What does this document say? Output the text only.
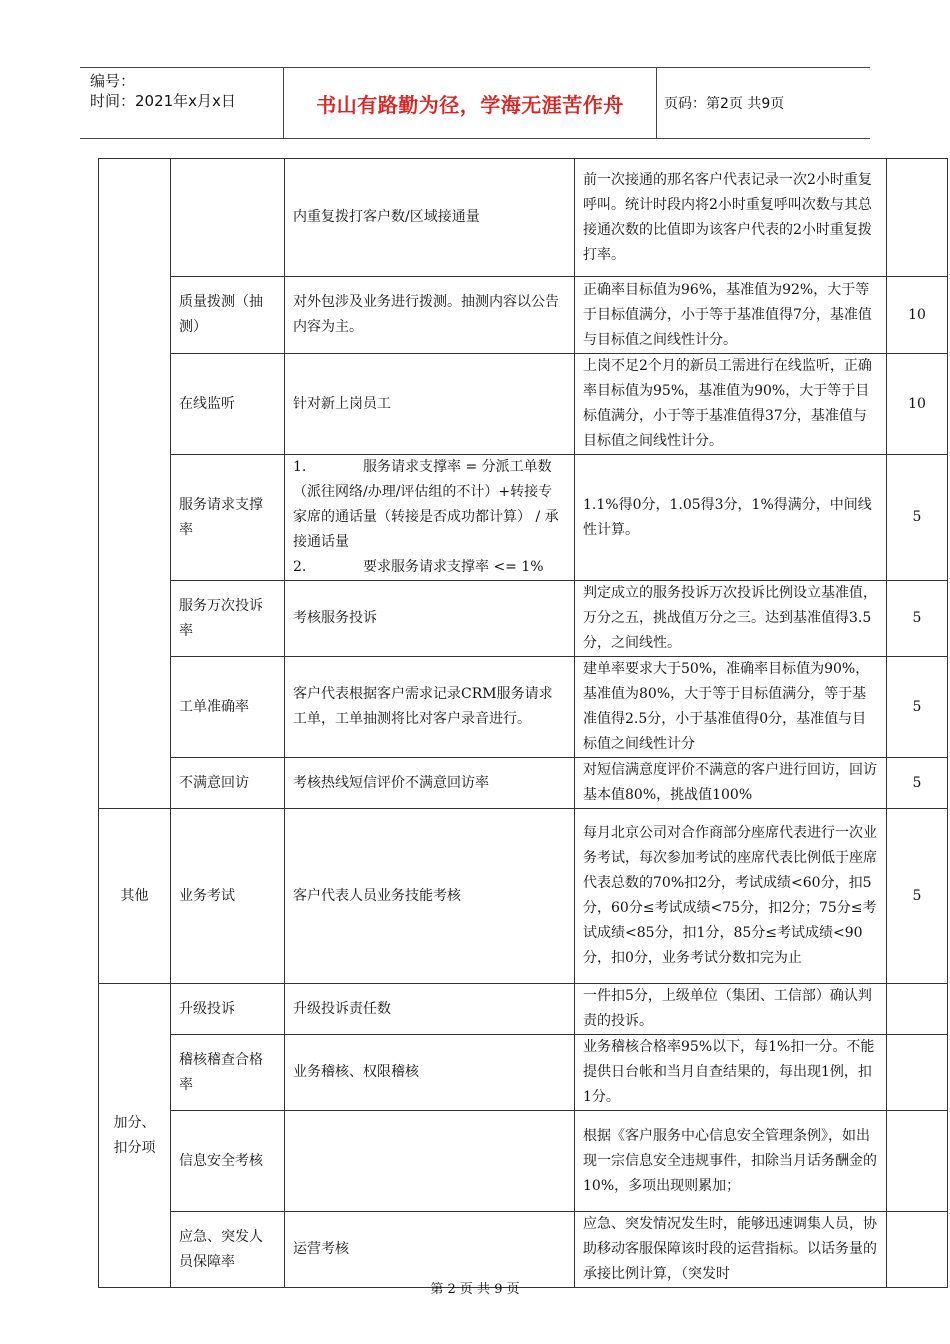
编号：
时间：2021年x月x日	书山有路勤为径，学海无涯苦作舟	页码：第2页 共9页
		内重复拨打客户数/区域接通量	前一次接通的那名客户代表记录一次2小时重复呼叫。统计时段内将2小时重复呼叫次数与其总接通次数的比值即为该客户代表的2小时重复拨打率。	
	质量拨测（抽测）	对外包涉及业务进行拨测。抽测内容以公告内容为主。	正确率目标值为96%，基准值为92%，大于等于目标值满分，小于等于基准值得7分，基准值与目标值之间线性计分。	10
	在线监听	针对新上岗员工	上岗不足2个月的新员工需进行在线监听，正确率目标值为95%，基准值为90%，大于等于目标值满分，小于等于基准值得37分，基准值与目标值之间线性计分。	10
	服务请求支撑率	1. 服务请求支撑率 = 分派工单数（派往网络/办理/评估组的不计）+转接专家席的通话量（转接是否成功都计算） / 承接通话量
2. 要求服务请求支撑率 <= 1%	1.1%得0分，1.05得3分，1%得满分，中间线性计算。	5
	服务万次投诉率	考核服务投诉	判定成立的服务投诉万次投诉比例设立基准值，万分之五，挑战值万分之三。达到基准值得3.5分，之间线性。	5
	工单准确率	客户代表根据客户需求记录CRM服务请求工单，工单抽测将比对客户录音进行。	建单率要求大于50%，准确率目标值为90%，基准值为80%，大于等于目标值满分，等于基准值得2.5分，小于基准值得0分，基准值与目标值之间线性计分	5
	不满意回访	考核热线短信评价不满意回访率	对短信满意度评价不满意的客户进行回访，回访基本值80%，挑战值100%	5
其他	业务考试	客户代表人员业务技能考核	每月北京公司对合作商部分座席代表进行一次业务考试，每次参加考试的座席代表比例低于座席代表总数的70%扣2分，考试成绩<60分，扣5分，60分≤考试成绩<75分，扣2分；75分≤考试成绩<85分，扣1分，85分≤考试成绩<90分，扣0分，业务考试分数扣完为止	5
加分、扣分项	升级投诉	升级投诉责任数	一件扣5分，上级单位（集团、工信部）确认判责的投诉。	
	稽核稽查合格率	业务稽核、权限稽核	业务稽核合格率95%以下，每1%扣一分。不能提供日台帐和当月自查结果的，每出现1例，扣1分。	
	信息安全考核		根据《客户服务中心信息安全管理条例》，如出现一宗信息安全违规事件，扣除当月话务酬金的10%，多项出现则累加；	
	应急、突发人员保障率	运营考核	应急、突发情况发生时，能够迅速调集人员，协助移动客服保障该时段的运营指标。以话务量的承接比例计算，（突发时	
第 2 页 共 9 页
